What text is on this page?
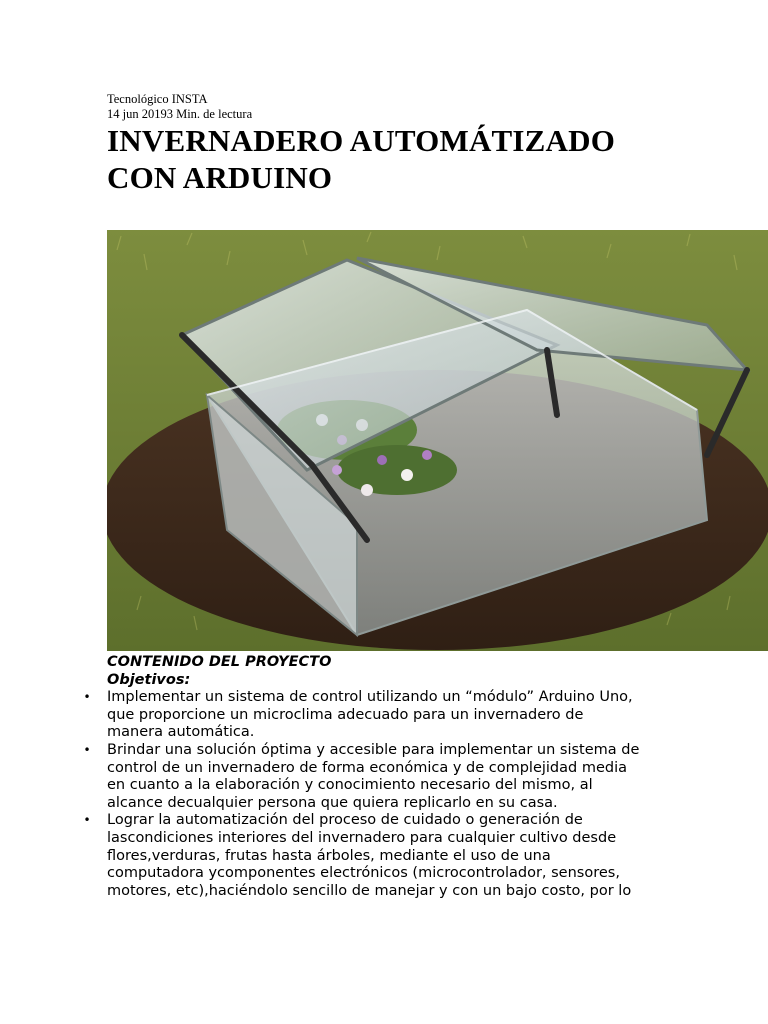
Tecnológico INSTA
14 jun 20193 Min. de lectura
INVERNADERO AUTOMÁTIZADO
CON ARDUINO

CONTENIDO DEL PROYECTO

Objetivos:

• Implementar un sistema de control utilizando un “módulo” Arduino Uno,
que proporcione un microclima adecuado para un invernadero de
manera automática.
• Brindar una solución óptima y accesible para implementar un sistema de
control de un invernadero de forma económica y de complejidad media
en cuanto a la elaboración y conocimiento necesario del mismo, al
alcance decualquier persona que quiera replicarlo en su casa.
• Lograr la automatización del proceso de cuidado o generación de
lascondiciones interiores del invernadero para cualquier cultivo desde
flores,verduras, frutas hasta árboles, mediante el uso de una
computadora ycomponentes electrónicos (microcontrolador, sensores,
motores, etc),haciéndolo sencillo de manejar y con un bajo costo, por lo
